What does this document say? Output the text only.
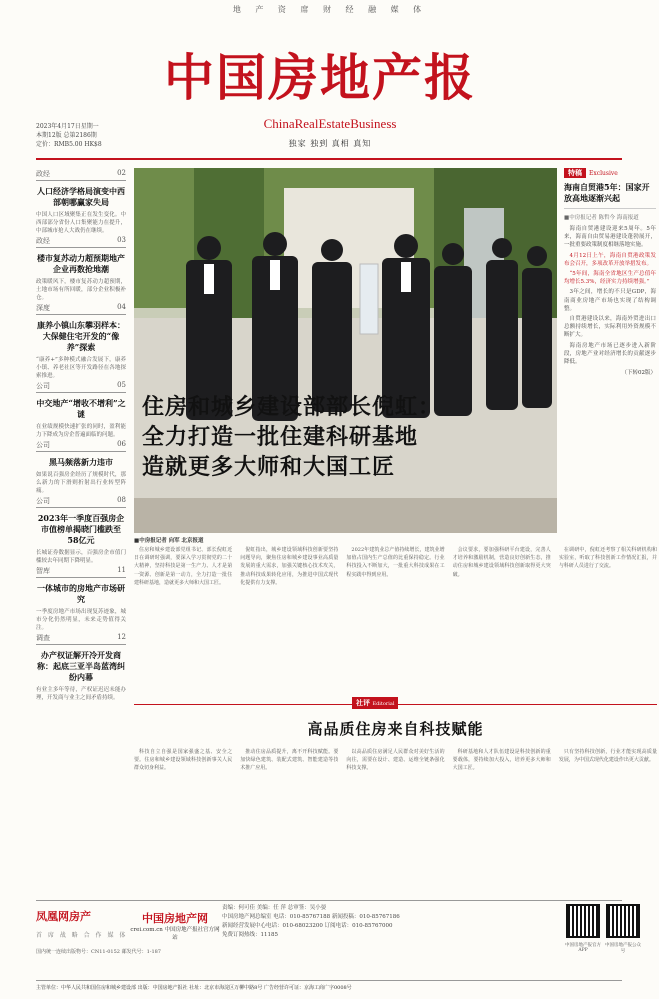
地 产 资 席 财 经 融 媒 体
中国房地产报
ChinaRealEstateBusiness
独家 独到 真相 真知
2023年4月17日星期一
本期12版 总第2186期
定价：RMB5.00 HK$8
政经	02
人口经济学格局演变中西部朝哪赢家失局
中国人口区域聚集正在发生变化。中西部部分省份人口集聚能力在提升，中部城市抢人大战仍在继续。
政经	03
楼市复苏动力超预期地产企业再数抢地潮
政策暖风下，楼市复苏动力超预期，土地市场有所回暖，部分企业积极补仓。
深度	04
康养小镇山东攀羽样本：大保健住宅开发的“像养”探索
“康养+”多种模式融合发展下，康养小镇、养老社区等开发路径在各地探索推进。
公司	05
中交地产“增收不增利”之谜
在业绩规模快速扩张的同时，盈利能力下降成为房企普遍面临的问题。
公司	06
黑马频落新力违市
如果说百强房企经历了规模时代，那么新力的下滑则折射出行业转型阵痛。
公司	08
2023年一季度百强房企市值榜单揭晓门槛跌至58亿元
长城证券数据显示，百强房企市值门槛较去年同期下降明显。
智库	11
一体城市的房地产市场研究
一季度房地产市场出现复苏迹象，城市分化仍然明显，未来走势值得关注。
调查	12
办产权证解开冷开发商称：起底三亚半岛蓝湾纠纷内幕
有业主多年等待，产权证迟迟未能办理，开发商与业主之间矛盾持续。
住房和城乡建设部部长倪虹：
全力打造一批住建科研基地
造就更多大师和大国工匠
特稿	Exclusive
海南自贸港5年：国家开放高地逐渐兴起
■中房报记者 陈哲今 海南报道

海南自贸港建设迎来5周年。5年来，海南自由贸易港建设蓬勃展开，一批重要政策制度相继落地实施。

4月12日上午，海南自贸港政策发布会召开，多项改革开放举措发布。

“5年间，海南全省地区生产总值年均增长5.3%，经济实力持续增强。”

3年之间，增长的不只是GDP，海南商业房地产市场也实现了结构调整。

自贸港建设以来，海南外贸进出口总额持续增长，实际利用外资规模不断扩大。

海南房地产市场已逐步进入新阶段，房地产业对经济增长的贡献逐步降低。

（下转02版）
■中房报记者 向军 北京报道
住房和城乡建设部党组书记、部长倪虹近日在调研时强调，要深入学习贯彻党的二十大精神，坚持科技是第一生产力、人才是第一资源、创新是第一动力，全力打造一批住建科研基地，造就更多大师和大国工匠。
倪虹指出，城乡建设领域科技创新要坚持问题导向，聚焦住房和城乡建设事业高质量发展的重大需求，加强关键核心技术攻关，推动科技成果转化应用，为推进中国式现代化提供有力支撑。
2022年建筑业总产值持续增长，建筑业增加值占国内生产总值的比重保持稳定。行业科技投入不断加大，一批重大科技成果在工程实践中得到应用。
会议要求，要加强科研平台建设，完善人才培养和激励机制，营造良好创新生态，推动住房和城乡建设领域科技创新取得更大突破。
在调研中，倪虹还考察了相关科研机构和实验室，听取了科技创新工作情况汇报，并与科研人员进行了交流。
社评 Editorial
高品质住房来自科技赋能
科技自立自强是国家强盛之基、安全之要。住房和城乡建设领域科技创新事关人民群众切身利益。
推动住房品质提升，离不开科技赋能。要加快绿色建筑、装配式建筑、智能建造等技术推广应用。
以高品质住房满足人民群众对美好生活的向往，需要在设计、建造、运维全链条强化科技支撑。
科研基地和人才队伍建设是科技创新的重要载体，要持续加大投入，培养更多大师和大国工匠。
只有坚持科技创新，行业才能实现高质量发展，为中国式现代化建设作出更大贡献。
凤凰网房产
首 席 战 略 合 作 媒 体
中国房地产网
crei.com.cn 中国房地产报社官方网站
责编：何可佳 美编：任 萍 总审签：吴小晏
中国房地产网总编室 电话：010-85767188 新闻投稿：010-85767186
新闻经营发展中心电话：010-68023200 订阅电话：010-85767000
免费订阅热线：11185
中国房地产报官方APP
中国房地产报公众号
国内统一连续出版物号：CN11-0152 邮发代号：1-187
主管单位：中华人民共和国住房和城乡建设部 出版：中国房地产报社 社址：北京市海淀区万柳中路8号 广告经营许可证：京海工商广字0008号
